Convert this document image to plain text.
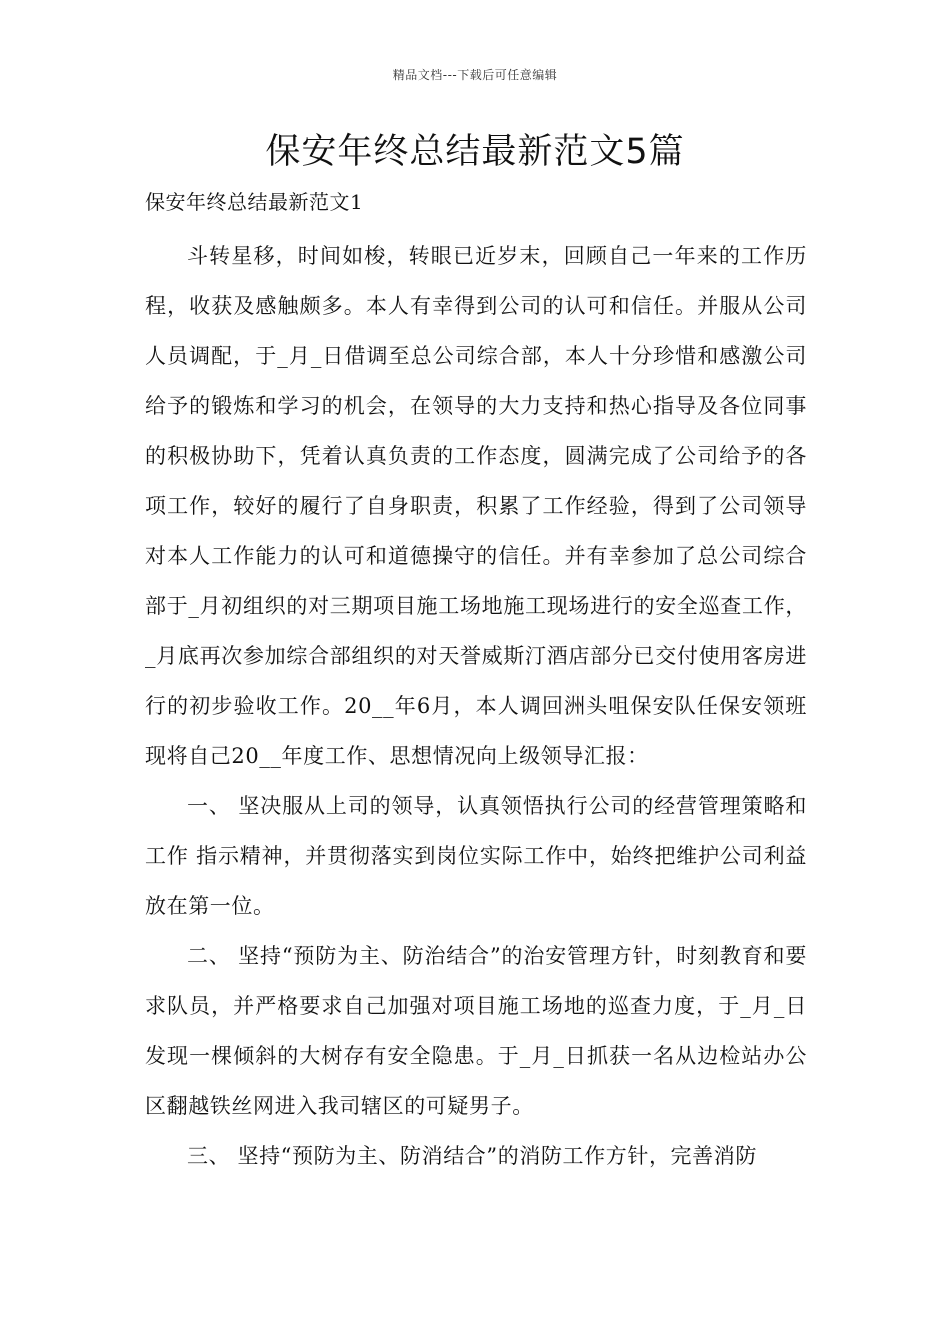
精品文档---下载后可任意编辑
保安年终总结最新范文5篇
保安年终总结最新范文1

斗转星移，时间如梭，转眼已近岁末，回顾自己一年来的工作历程，收获及感触颇多。本人有幸得到公司的认可和信任。并服从公司人员调配，于_月_日借调至总公司综合部，本人十分珍惜和感激公司给予的锻炼和学习的机会，在领导的大力支持和热心指导及各位同事的积极协助下，凭着认真负责的工作态度，圆满完成了公司给予的各项工作，较好的履行了自身职责，积累了工作经验，得到了公司领导对本人工作能力的认可和道德操守的信任。并有幸参加了总公司综合部于_月初组织的对三期项目施工场地施工现场进行的安全巡查工作，_月底再次参加综合部组织的对天誉威斯汀酒店部分已交付使用客房进行的初步验收工作。20__年6月，本人调回洲头咀保安队任保安领班现将自己20__年度工作、思想情况向上级领导汇报：

一、 坚决服从上司的领导，认真领悟执行公司的经营管理策略和工作 指示精神，并贯彻落实到岗位实际工作中，始终把维护公司利益放在第一位。

二、 坚持“预防为主、防治结合”的治安管理方针，时刻教育和要求队员，并严格要求自己加强对项目施工场地的巡查力度，于_月_日发现一棵倾斜的大树存有安全隐患。于_月_日抓获一名从边检站办公区翻越铁丝网进入我司辖区的可疑男子。

三、 坚持“预防为主、防消结合”的消防工作方针，完善消防
